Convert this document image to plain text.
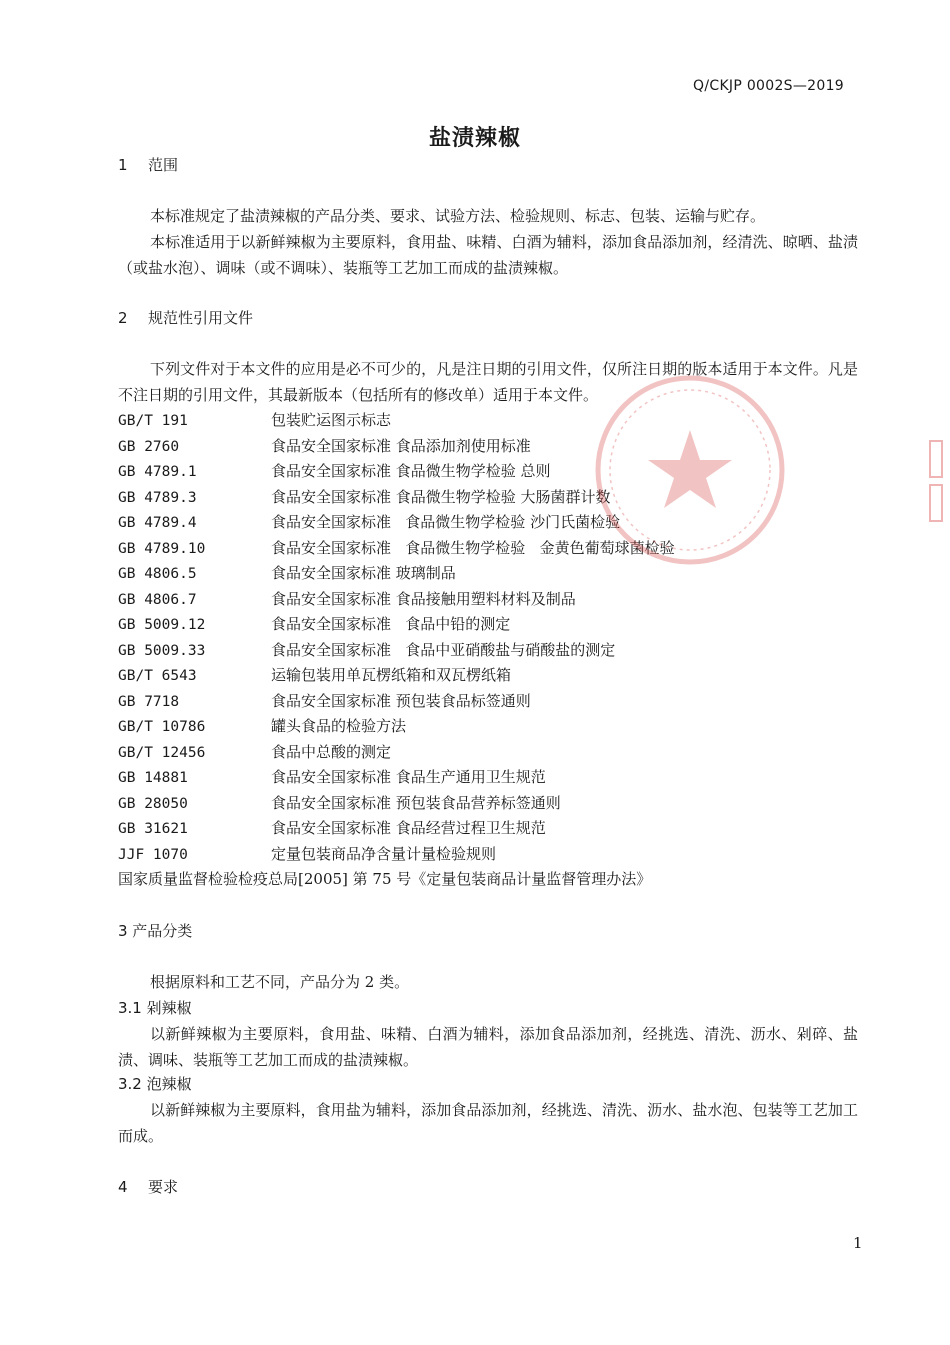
Q/CKJP 0002S—2019
盐渍辣椒
1 范围
本标准规定了盐渍辣椒的产品分类、要求、试验方法、检验规则、标志、包装、运输与贮存。
本标准适用于以新鲜辣椒为主要原料，食用盐、味精、白酒为辅料，添加食品添加剂，经清洗、晾晒、盐渍（或盐水泡）、调味（或不调味）、装瓶等工艺加工而成的盐渍辣椒。
2 规范性引用文件
下列文件对于本文件的应用是必不可少的，凡是注日期的引用文件，仅所注日期的版本适用于本文件。凡是不注日期的引用文件，其最新版本（包括所有的修改单）适用于本文件。
GB/T 191	包装贮运图示标志
GB 2760	食品安全国家标准 食品添加剂使用标准
GB 4789.1	食品安全国家标准 食品微生物学检验 总则
GB 4789.3	食品安全国家标准 食品微生物学检验 大肠菌群计数
GB 4789.4	食品安全国家标准   食品微生物学检验 沙门氏菌检验
GB 4789.10	食品安全国家标准   食品微生物学检验   金黄色葡萄球菌检验
GB 4806.5	食品安全国家标准 玻璃制品
GB 4806.7	食品安全国家标准 食品接触用塑料材料及制品
GB 5009.12	食品安全国家标准   食品中铅的测定
GB 5009.33	食品安全国家标准   食品中亚硝酸盐与硝酸盐的测定
GB/T 6543	运输包装用单瓦楞纸箱和双瓦楞纸箱
GB 7718	食品安全国家标准 预包装食品标签通则
GB/T 10786	罐头食品的检验方法
GB/T 12456	食品中总酸的测定
GB 14881	食品安全国家标准 食品生产通用卫生规范
GB 28050	食品安全国家标准 预包装食品营养标签通则
GB 31621	食品安全国家标准 食品经营过程卫生规范
JJF 1070	定量包装商品净含量计量检验规则
国家质量监督检验检疫总局[2005] 第 75 号《定量包装商品计量监督管理办法》
3 产品分类
根据原料和工艺不同，产品分为 2 类。
3.1 剁辣椒
以新鲜辣椒为主要原料，食用盐、味精、白酒为辅料，添加食品添加剂，经挑选、清洗、沥水、剁碎、盐渍、调味、装瓶等工艺加工而成的盐渍辣椒。
3.2 泡辣椒
以新鲜辣椒为主要原料，食用盐为辅料，添加食品添加剂，经挑选、清洗、沥水、盐水泡、包装等工艺加工而成。
4 要求
1
